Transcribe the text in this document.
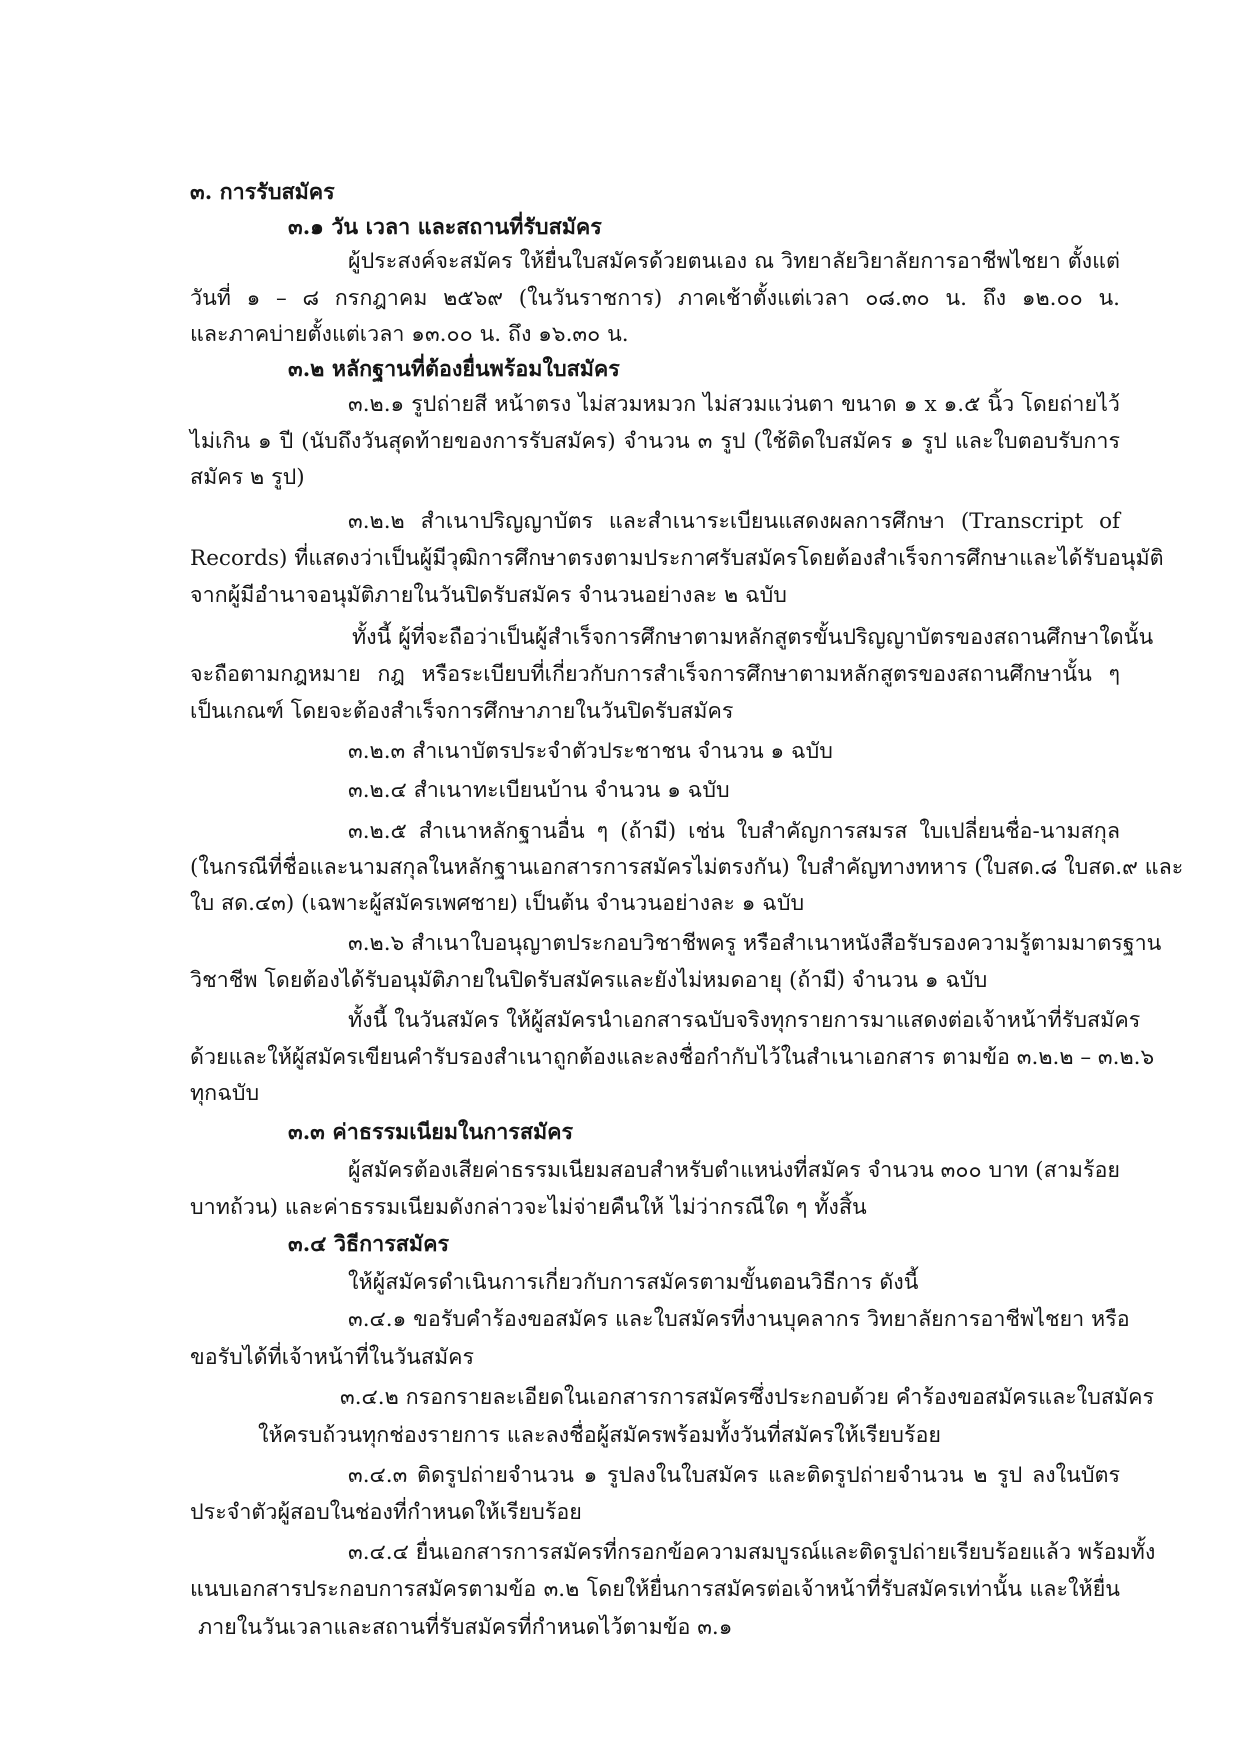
๓. การรับสมัคร

๓.๑ วัน เวลา และสถานที่รับสมัคร

ผู้ประสงค์จะสมัคร ให้ยื่นใบสมัครด้วยตนเอง ณ วิทยาลัยวิยาลัยการอาชีพไชยา ตั้งแต่

วันที่ ๑ – ๘ กรกฎาคม ๒๕๖๙ (ในวันราชการ) ภาคเช้าตั้งแต่เวลา ๐๘.๓๐ น. ถึง ๑๒.๐๐ น.

และภาคบ่ายตั้งแต่เวลา ๑๓.๐๐ น. ถึง ๑๖.๓๐ น.

๓.๒ หลักฐานที่ต้องยื่นพร้อมใบสมัคร

๓.๒.๑ รูปถ่ายสี หน้าตรง ไม่สวมหมวก ไม่สวมแว่นตา ขนาด ๑ x ๑.๕ นิ้ว โดยถ่ายไว้

ไม่เกิน ๑ ปี (นับถึงวันสุดท้ายของการรับสมัคร) จำนวน ๓ รูป (ใช้ติดใบสมัคร ๑ รูป และใบตอบรับการ

สมัคร ๒ รูป)

๓.๒.๒ สำเนาปริญญาบัตร และสำเนาระเบียนแสดงผลการศึกษา (Transcript of

Records) ที่แสดงว่าเป็นผู้มีวุฒิการศึกษาตรงตามประกาศรับสมัครโดยต้องสำเร็จการศึกษาและได้รับอนุมัติ

จากผู้มีอำนาจอนุมัติภายในวันปิดรับสมัคร จำนวนอย่างละ ๒ ฉบับ

ทั้งนี้ ผู้ที่จะถือว่าเป็นผู้สำเร็จการศึกษาตามหลักสูตรขั้นปริญญาบัตรของสถานศึกษาใดนั้น

จะถือตามกฎหมาย กฎ หรือระเบียบที่เกี่ยวกับการสำเร็จการศึกษาตามหลักสูตรของสถานศึกษานั้น ๆ

เป็นเกณฑ์ โดยจะต้องสำเร็จการศึกษาภายในวันปิดรับสมัคร

๓.๒.๓ สำเนาบัตรประจำตัวประชาชน จำนวน ๑ ฉบับ

๓.๒.๔ สำเนาทะเบียนบ้าน จำนวน ๑ ฉบับ

๓.๒.๕ สำเนาหลักฐานอื่น ๆ (ถ้ามี) เช่น ใบสำคัญการสมรส ใบเปลี่ยนชื่อ-นามสกุล

(ในกรณีที่ชื่อและนามสกุลในหลักฐานเอกสารการสมัครไม่ตรงกัน) ใบสำคัญทางทหาร (ใบสด.๘ ใบสด.๙ และ

ใบ สด.๔๓) (เฉพาะผู้สมัครเพศชาย) เป็นต้น จำนวนอย่างละ ๑ ฉบับ

๓.๒.๖ สำเนาใบอนุญาตประกอบวิชาชีพครู หรือสำเนาหนังสือรับรองความรู้ตามมาตรฐาน

วิชาชีพ โดยต้องได้รับอนุมัติภายในปิดรับสมัครและยังไม่หมดอายุ (ถ้ามี) จำนวน ๑ ฉบับ

ทั้งนี้ ในวันสมัคร ให้ผู้สมัครนำเอกสารฉบับจริงทุกรายการมาแสดงต่อเจ้าหน้าที่รับสมัคร

ด้วยและให้ผู้สมัครเขียนคำรับรองสำเนาถูกต้องและลงชื่อกำกับไว้ในสำเนาเอกสาร ตามข้อ ๓.๒.๒ – ๓.๒.๖

ทุกฉบับ

๓.๓ ค่าธรรมเนียมในการสมัคร

ผู้สมัครต้องเสียค่าธรรมเนียมสอบสำหรับตำแหน่งที่สมัคร จำนวน ๓๐๐ บาท (สามร้อย

บาทถ้วน) และค่าธรรมเนียมดังกล่าวจะไม่จ่ายคืนให้ ไม่ว่ากรณีใด ๆ ทั้งสิ้น

๓.๔ วิธีการสมัคร

ให้ผู้สมัครดำเนินการเกี่ยวกับการสมัครตามขั้นตอนวิธีการ ดังนี้

๓.๔.๑ ขอรับคำร้องขอสมัคร และใบสมัครที่งานบุคลากร วิทยาลัยการอาชีพไชยา หรือ

ขอรับได้ที่เจ้าหน้าที่ในวันสมัคร

๓.๔.๒ กรอกรายละเอียดในเอกสารการสมัครซึ่งประกอบด้วย คำร้องขอสมัครและใบสมัคร

ให้ครบถ้วนทุกช่องรายการ และลงชื่อผู้สมัครพร้อมทั้งวันที่สมัครให้เรียบร้อย

๓.๔.๓ ติดรูปถ่ายจำนวน ๑ รูปลงในใบสมัคร และติดรูปถ่ายจำนวน ๒ รูป ลงในบัตร

ประจำตัวผู้สอบในช่องที่กำหนดให้เรียบร้อย

๓.๔.๔ ยื่นเอกสารการสมัครที่กรอกข้อความสมบูรณ์และติดรูปถ่ายเรียบร้อยแล้ว พร้อมทั้ง

แนบเอกสารประกอบการสมัครตามข้อ ๓.๒ โดยให้ยื่นการสมัครต่อเจ้าหน้าที่รับสมัครเท่านั้น และให้ยื่น

ภายในวันเวลาและสถานที่รับสมัครที่กำหนดไว้ตามข้อ ๓.๑
